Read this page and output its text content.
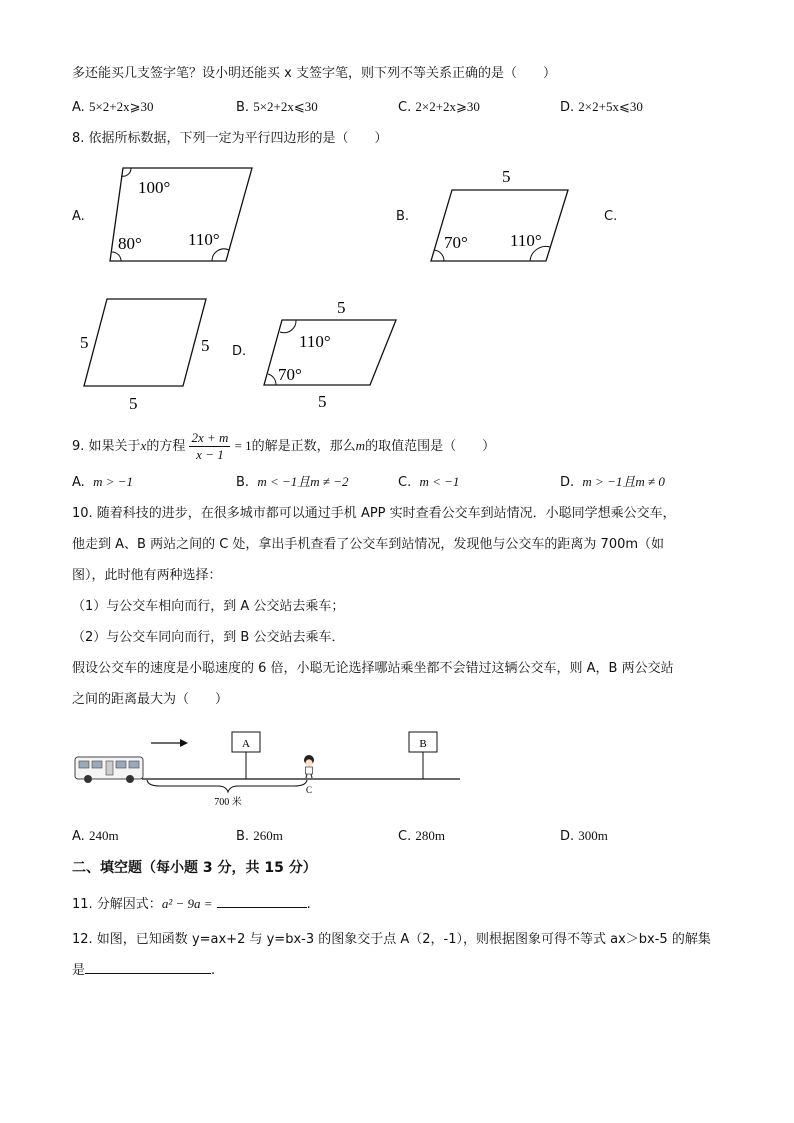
多还能买几支签字笔？设小明还能买 x 支签字笔，则下列不等关系正确的是（　　）
A. 5×2+2x⩾30	B. 5×2+2x⩽30	C. 2×2+2x⩾30	D. 2×2+5x⩽30
8. 依据所标数据，下列一定为平行四边形的是（　　）
A.	B.	C.
D.
100°
80°	110°
5
70° 110°
5	5
5
5
110°
70°
5
9. 如果关于x的方程 $\frac{2x + m}{x - 1} = 1$的解是正数，那么m的取值范围是（　　）
A. m > −1	B. m < −1且m ≠ −2	C. m < −1	D. m > −1且m ≠ 0
10. 随着科技的进步，在很多城市都可以通过手机 APP 实时查看公交车到站情况．小聪同学想乘公交车，
他走到 A、B 两站之间的 C 处，拿出手机查看了公交车到站情况，发现他与公交车的距离为 700m（如
图），此时他有两种选择：
（1）与公交车相向而行，到 A 公交站去乘车；
（2）与公交车同向而行，到 B 公交站去乘车．
假设公交车的速度是小聪速度的 6 倍，小聪无论选择哪站乘坐都不会错过这辆公交车，则 A，B 两公交站
之间的距离最大为（　　）
A	B
C
700 米
A. 240m	B. 260m	C. 280m	D. 300m
二、填空题（每小题 3 分，共 15 分）
11. 分解因式：a² − 9a =	.
12. 如图，已知函数 y=ax+2 与 y=bx-3 的图象交于点 A（2，-1），则根据图象可得不等式 ax＞bx-5 的解集
是	.
